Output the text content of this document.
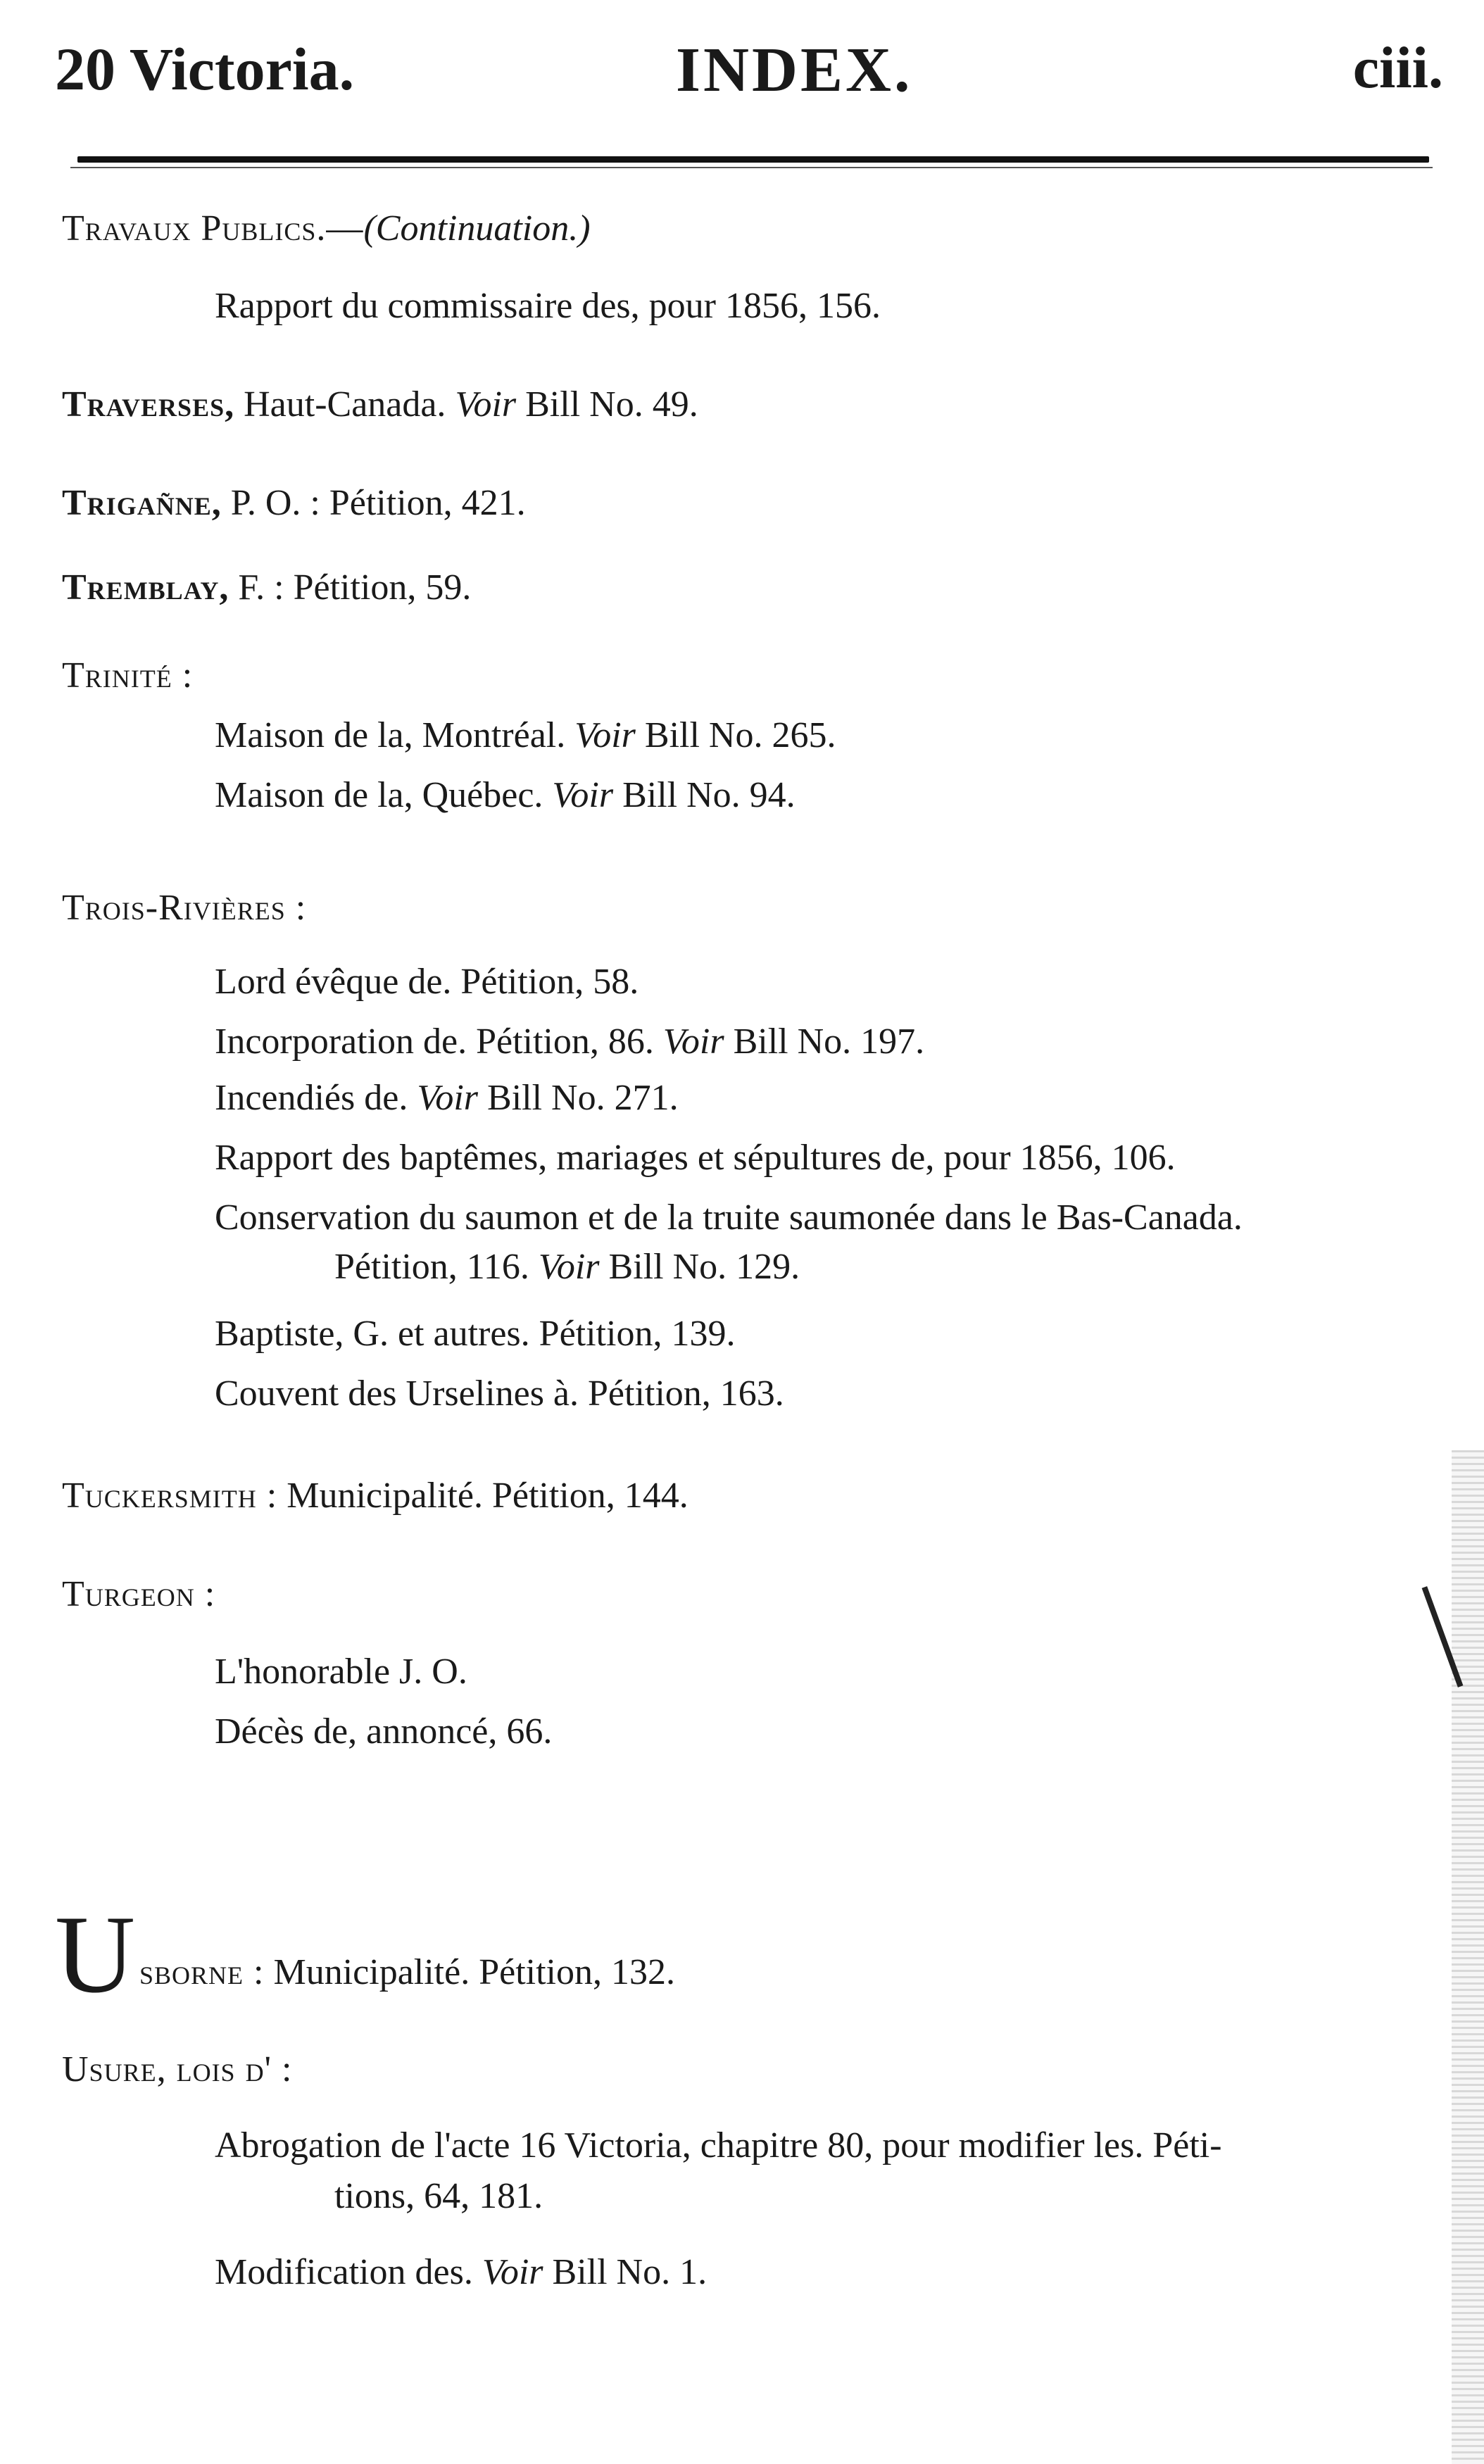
20 Victoria.	INDEX.	ciii.
Travaux Publics.—(Continuation.)
Rapport du commissaire des, pour 1856, 156.
Traverses, Haut-Canada. Voir Bill No. 49.
Trigañne, P. O. : Pétition, 421.
Tremblay, F. : Pétition, 59.
Trinité :
Maison de la, Montréal. Voir Bill No. 265.
Maison de la, Québec. Voir Bill No. 94.
Trois-Rivières :
Lord évêque de. Pétition, 58.
Incorporation de. Pétition, 86. Voir Bill No. 197.
Incendiés de. Voir Bill No. 271.
Rapport des baptêmes, mariages et sépultures de, pour 1856, 106.
Conservation du saumon et de la truite saumonée dans le Bas-Canada.
Pétition, 116. Voir Bill No. 129.
Baptiste, G. et autres. Pétition, 139.
Couvent des Urselines à. Pétition, 163.
Tuckersmith : Municipalité. Pétition, 144.
Turgeon :
L'honorable J. O.
Décès de, annoncé, 66.
U sborne : Municipalité. Pétition, 132.
Usure, lois d' :
Abrogation de l'acte 16 Victoria, chapitre 80, pour modifier les. Péti-
tions, 64, 181.
Modification des. Voir Bill No. 1.
